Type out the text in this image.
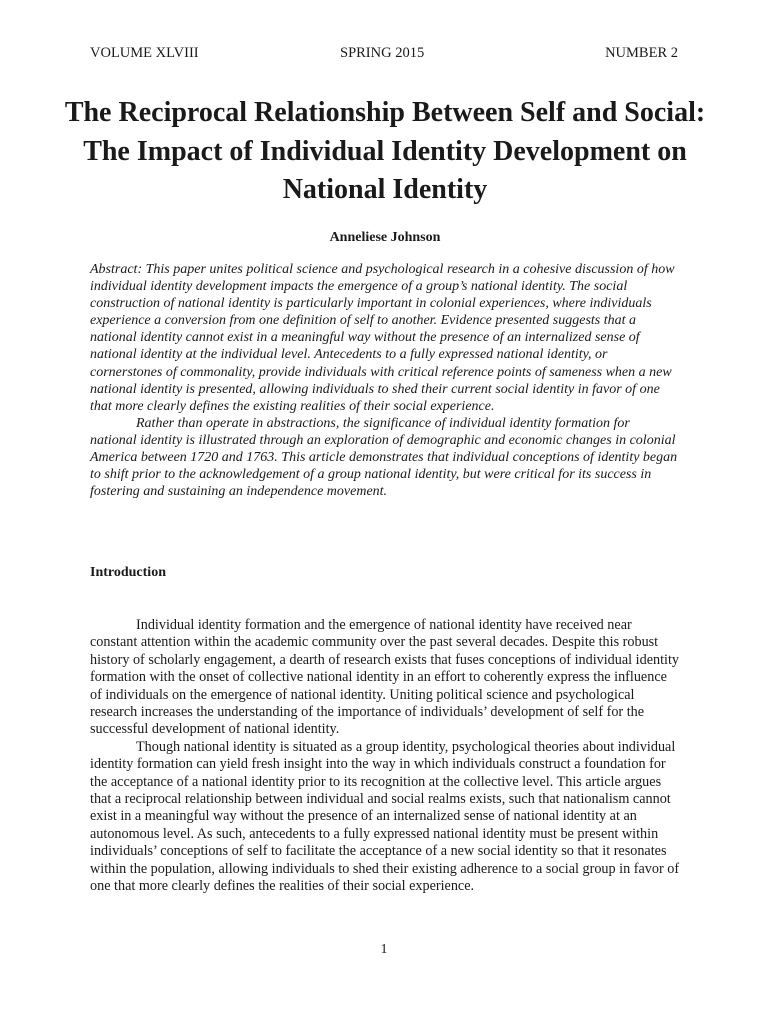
VOLUME XLVIII	SPRING 2015	NUMBER 2
The Reciprocal Relationship Between Self and Social: The Impact of Individual Identity Development on National Identity
Anneliese Johnson

Abstract: This paper unites political science and psychological research in a cohesive discussion of how individual identity development impacts the emergence of a group’s national identity. The social construction of national identity is particularly important in colonial experiences, where individuals experience a conversion from one definition of self to another. Evidence presented suggests that a national identity cannot exist in a meaningful way without the presence of an internalized sense of national identity at the individual level. Antecedents to a fully expressed national identity, or cornerstones of commonality, provide individuals with critical reference points of sameness when a new national identity is presented, allowing individuals to shed their current social identity in favor of one that more clearly defines the existing realities of their social experience.

Rather than operate in abstractions, the significance of individual identity formation for national identity is illustrated through an exploration of demographic and economic changes in colonial America between 1720 and 1763. This article demonstrates that individual conceptions of identity began to shift prior to the acknowledgement of a group national identity, but were critical for its success in fostering and sustaining an independence movement.

Introduction

Individual identity formation and the emergence of national identity have received near constant attention within the academic community over the past several decades. Despite this robust history of scholarly engagement, a dearth of research exists that fuses conceptions of individual identity formation with the onset of collective national identity in an effort to coherently express the influence of individuals on the emergence of national identity. Uniting political science and psychological research increases the understanding of the importance of individuals’ development of self for the successful development of national identity.

Though national identity is situated as a group identity, psychological theories about individual identity formation can yield fresh insight into the way in which individuals construct a foundation for the acceptance of a national identity prior to its recognition at the collective level. This article argues that a reciprocal relationship between individual and social realms exists, such that nationalism cannot exist in a meaningful way without the presence of an internalized sense of national identity at an autonomous level. As such, antecedents to a fully expressed national identity must be present within individuals’ conceptions of self to facilitate the acceptance of a new social identity so that it resonates within the population, allowing individuals to shed their existing adherence to a social group in favor of one that more clearly defines the realities of their social experience.

1
